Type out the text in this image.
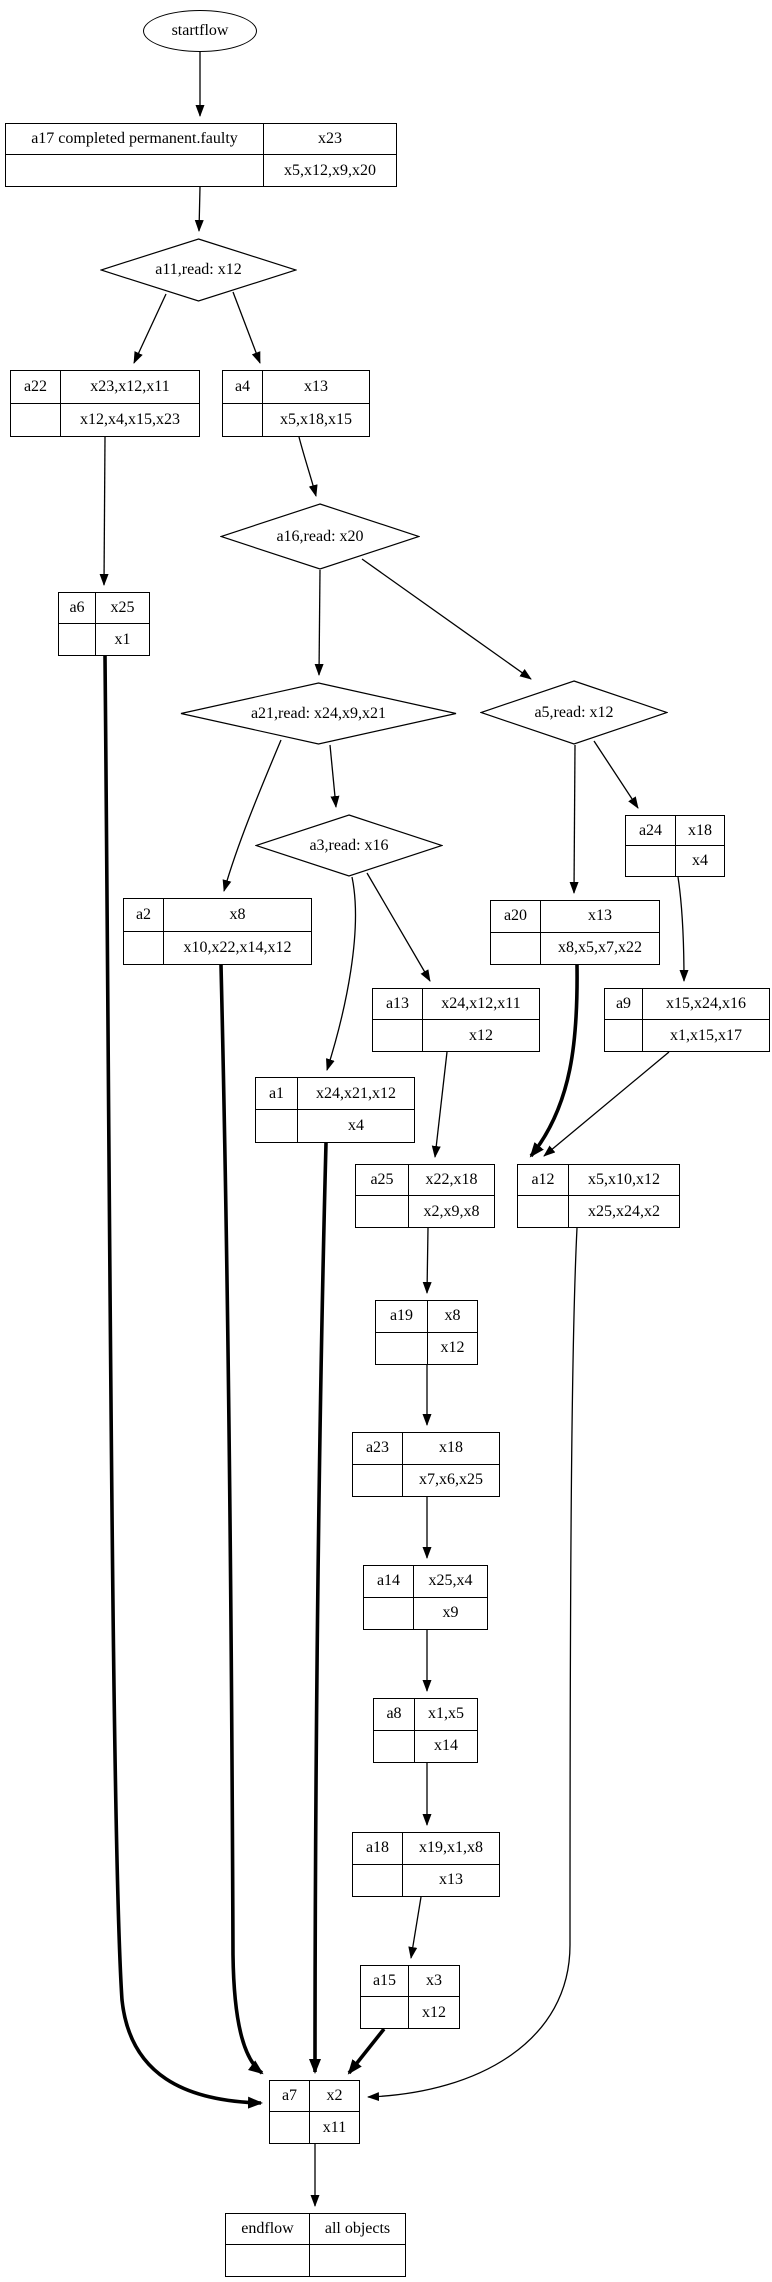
startflow
a17 completed permanent.faulty	x23
x5,x12,x9,x20
a11,read: x12
a22	x23,x12,x11
x12,x4,x15,x23
a4	x13
x5,x18,x15
a16,read: x20
a6	x25
x1
a21,read: x24,x9,x21	a5,read: x12
a3,read: x16
a24	x18
x4
a2	x8
x10,x22,x14,x12
a20	x13
x8,x5,x7,x22
a13	x24,x12,x11
x12
a9	x15,x24,x16
x1,x15,x17
a1	x24,x21,x12
x4
a25	x22,x18
x2,x9,x8
a12	x5,x10,x12
x25,x24,x2
a19	x8
x12
a23	x18
x7,x6,x25
a14	x25,x4
x9
a8	x1,x5
x14
a18	x19,x1,x8
x13
a15	x3
x12
a7	x2
x11
endflow	all objects
